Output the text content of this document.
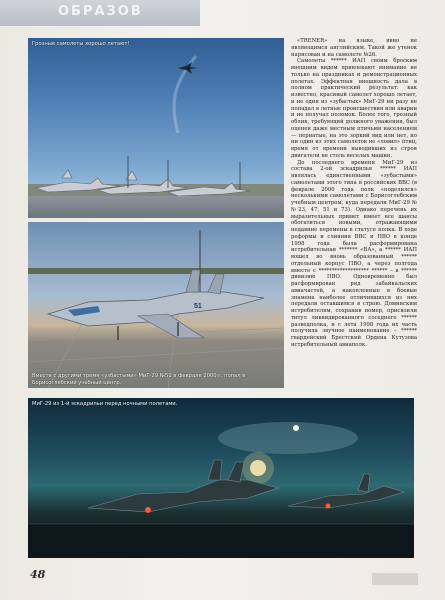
ОБРАЗОВ
Грозные самолеты хорошо летают!
51
Вместе с другими тремя «узбастыми» МиГ-29 №51 в феврале 2000 г. попал в Борисоглебский учебный центр.

«TRENER» на языке, явно не являющимся английским. Такой же утенок нарисован и на самолете №26.

Самолеты ****** ИАП своим броским внешним видом привлекают внимание не только на праздниках и демонстрационных полетах. Эффектная внешность дала в полном практический результат: как известно, красивый самолет хорошо летает, и не один из «зубастых» МиГ-29 ни разу не попадал в летные происшествия или аварии и не получал поломок. Более того, грозный облик, требующий должного уважения, был оценен даже местным птичьим населением — пернатые, на это зоркий вид или нет, но ни один из этих самолетов не «ловил» птиц, время от времени выводивших из строя двигатели не столь веселых машин.

До последнего времени МиГ-29 из состава 2-ой эскадрилья ****** ИАП являлась единственными «зубастыми» самолетами этого типа в российских ВВС (в феврале 2000 года полк «поделился» несколькими самолетами с Борисоглебским учебным центром, куда передали МиГ-29 №№23, 47, 51 и 73). Однако перечень их выразительных примет имеет все шансы обогатиться новыми, отражающими недавние перемены в статусе полка. В ходе реформы и слияния ВВС и ПВО в конце 1998 года была расформирована истребительная ******* «ВА», а ****** ИАП вошел во вновь образованный ****** отдельный корпус ПВО, а через полгода вместе с ******************* ****** – в ****** дивизию ПВО. Одновременно был расформирован ряд забайкальских авиачастей, а накопленные в боевые знамена наиболее отличившихся из них передали оставшимся в строю. Доминским истребителям, сохранив номер, присвоили титул ликвидированного соседнего ****** разведполка, и с лета 1998 года их часть получила звучное наименование – ****** гвардейский Брестский Ордена Кутузова истребительный авиаполк.

МиГ-29 из 1-й эскадрильи перед ночными полетами.
48
